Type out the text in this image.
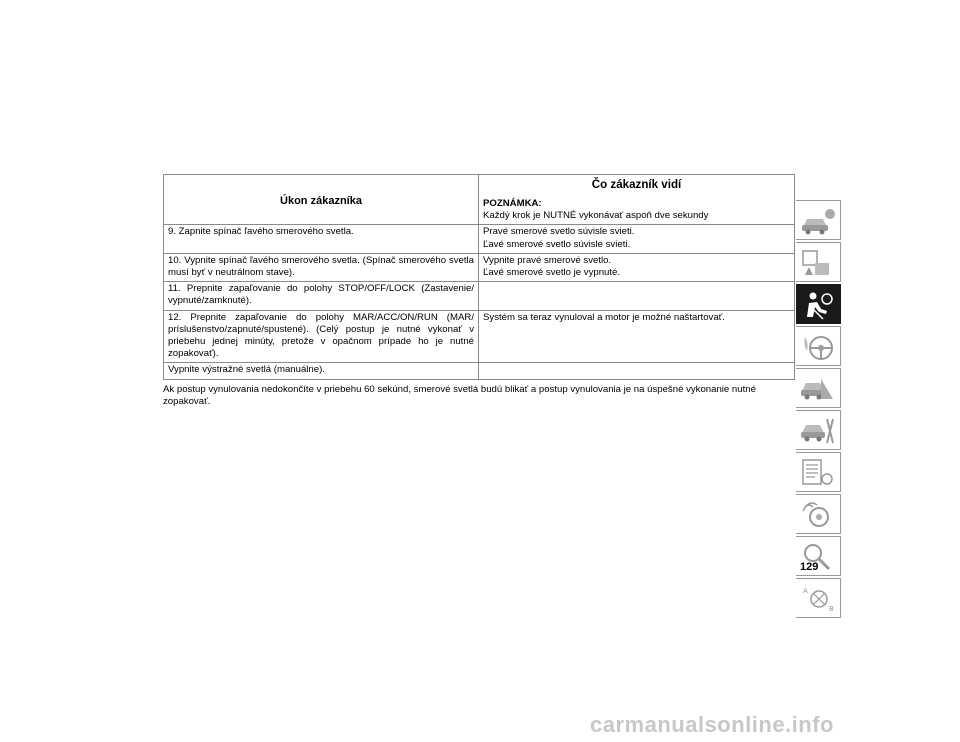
Úkon zákazníka	Čo zákazník vidí
POZNÁMKA:
Každý krok je NUTNÉ vykonávať aspoň dve sekundy

9. Zapnite spínač ľavého smerového svetla.	Pravé smerové svetlo súvisle svieti.
Ľavé smerové svetlo súvisle svieti.

10. Vypnite spínač ľavého smerového svetla. (Spínač smerového svetla musí byť v neutrálnom stave).	Vypnite pravé smerové svetlo.
Ľavé smerové svetlo je vypnuté.

11. Prepnite zapaľovanie do polohy STOP/OFF/LOCK (Zastavenie/ vypnuté/zamknuté).	
12. Prepnite zapaľovanie do polohy MAR/ACC/ON/RUN (MAR/ príslušenstvo/zapnuté/spustené). (Celý postup je nutné vykonať v priebehu jednej minúty, pretože v opačnom prípade ho je nutné zopakovať).	Systém sa teraz vynuloval a motor je možné naštartovať.
Vypnite výstražné svetlá (manuálne).	
Ak postup vynulovania nedokončíte v priebehu 60 sekúnd, smerové svetlá budú blikať a postup vynulovania je na úspešné vykonanie nutné zopakovať.
A
B
129
carmanualsonline.info
